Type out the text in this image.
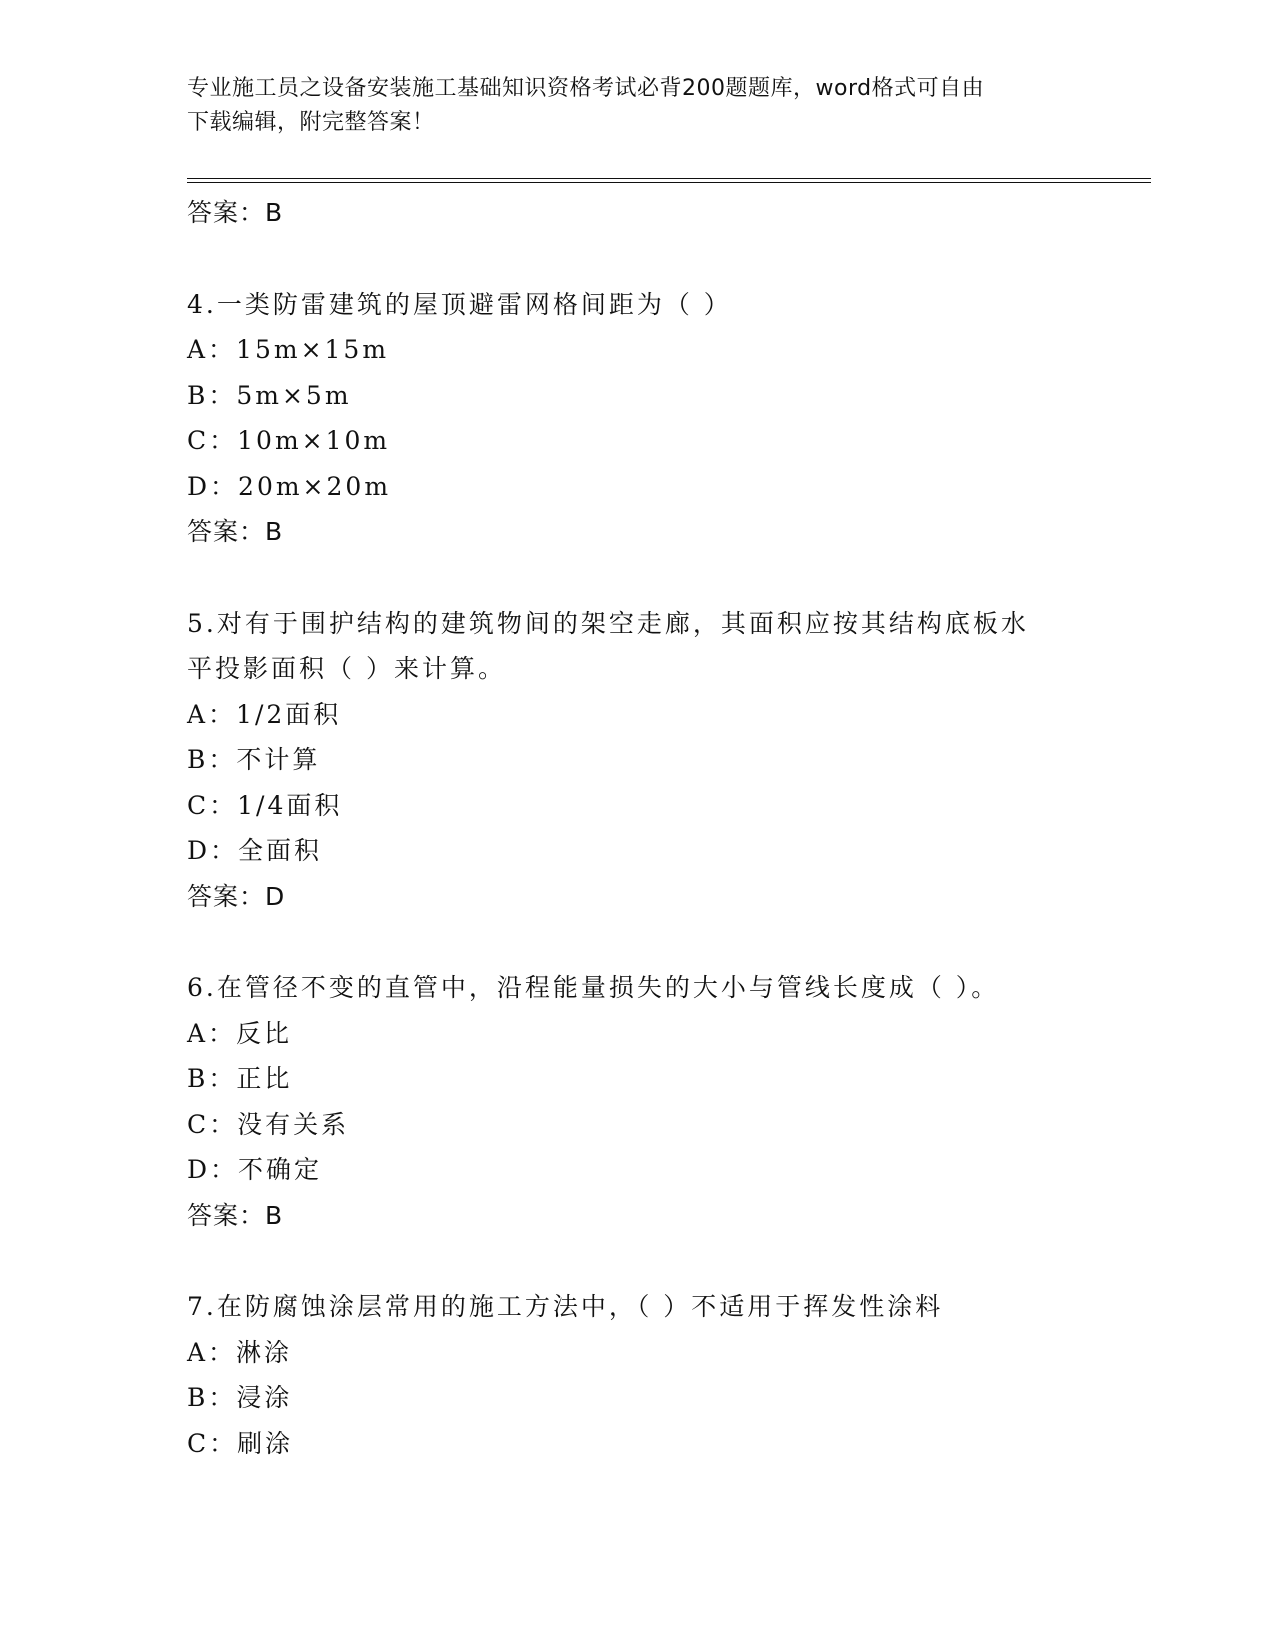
专业施工员之设备安装施工基础知识资格考试必背200题题库，word格式可自由
下载编辑，附完整答案！
答案：B
4.一类防雷建筑的屋顶避雷网格间距为（ ）
A：15m×15m
B：5m×5m
C：10m×10m
D：20m×20m
答案：B
5.对有于围护结构的建筑物间的架空走廊，其面积应按其结构底板水
平投影面积（ ）来计算。
A：1/2面积
B：不计算
C：1/4面积
D：全面积
答案：D
6.在管径不变的直管中，沿程能量损失的大小与管线长度成（ ）。
A：反比
B：正比
C：没有关系
D：不确定
答案：B
7.在防腐蚀涂层常用的施工方法中，（ ）不适用于挥发性涂料
A：淋涂
B：浸涂
C：刷涂
